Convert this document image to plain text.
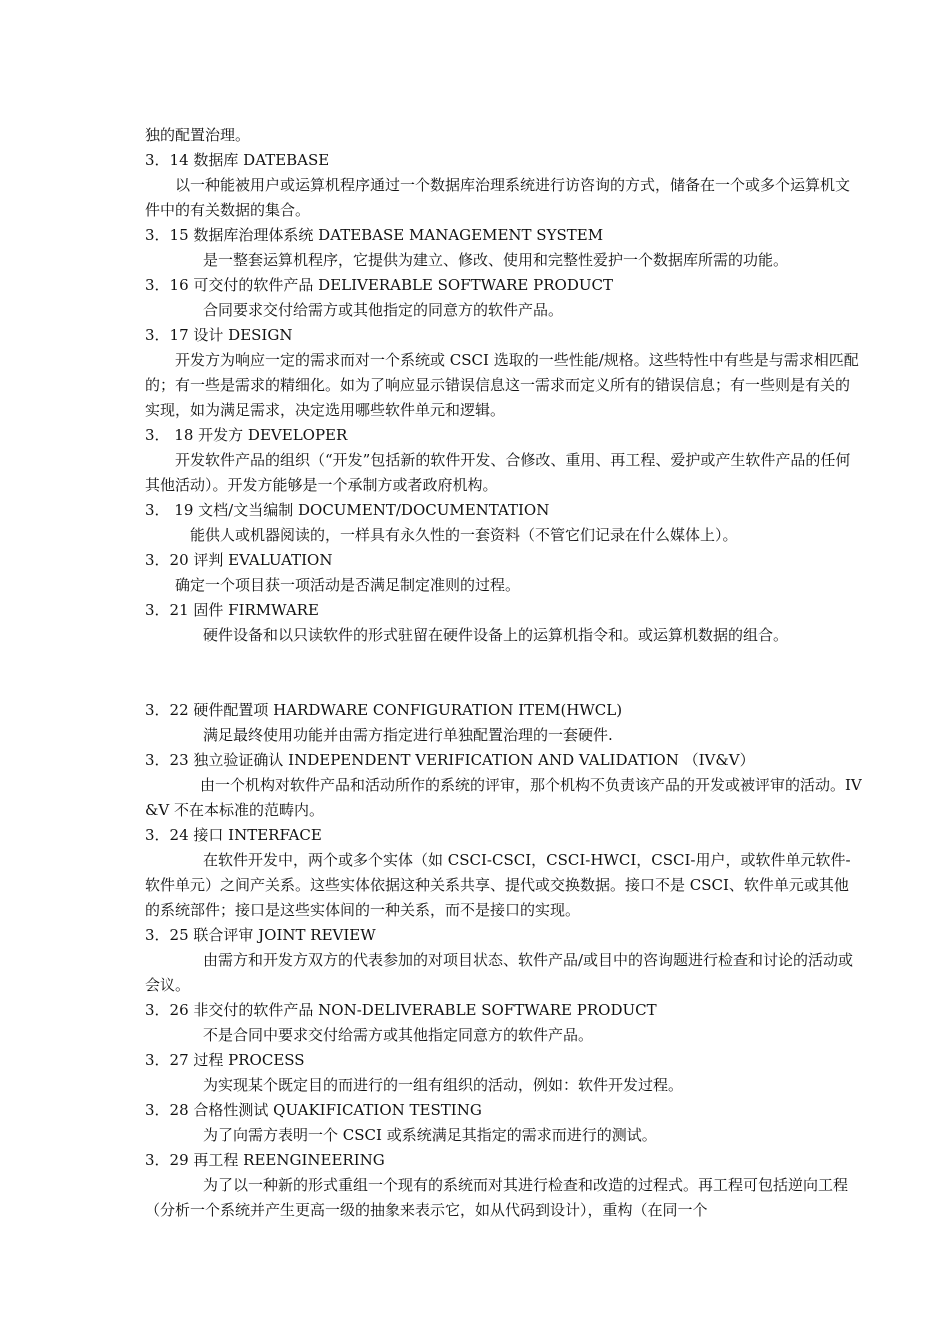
独的配置治理。
3．14 数据库 DATEBASE
以一种能被用户或运算机程序通过一个数据库治理系统进行访咨询的方式，储备在一个或多个运算机文件中的有关数据的集合。
3．15 数据库治理体系统 DATEBASE MANAGEMENT SYSTEM
是一整套运算机程序，它提供为建立、修改、使用和完整性爱护一个数据库所需的功能。
3．16 可交付的软件产品 DELIVERABLE SOFTWARE PRODUCT
合同要求交付给需方或其他指定的同意方的软件产品。
3．17 设计 DESIGN
开发方为响应一定的需求而对一个系统或 CSCI 选取的一些性能/规格。这些特性中有些是与需求相匹配的；有一些是需求的精细化。如为了响应显示错误信息这一需求而定义所有的错误信息；有一些则是有关的实现，如为满足需求，决定选用哪些软件单元和逻辑。
3． 18 开发方 DEVELOPER
开发软件产品的组织（“开发”包括新的软件开发、合修改、重用、再工程、爱护或产生软件产品的任何其他活动）。开发方能够是一个承制方或者政府机构。
3． 19 文档/文当编制 DOCUMENT/DOCUMENTATION
能供人或机器阅读的，一样具有永久性的一套资料（不管它们记录在什么媒体上）。
3．20 评判 EVALUATION
确定一个项目获一项活动是否满足制定准则的过程。
3．21 固件 FIRMWARE
硬件设备和以只读软件的形式驻留在硬件设备上的运算机指令和。或运算机数据的组合。
3．22 硬件配置项 HARDWARE CONFIGURATION ITEM(HWCL)
满足最终使用功能并由需方指定进行单独配置治理的一套硬件.
3．23 独立验证确认 INDEPENDENT VERIFICATION AND VALIDATION （IV&V）
由一个机构对软件产品和活动所作的系统的评审，那个机构不负责该产品的开发或被评审的活动。IV &V 不在本标准的范畴内。
3．24 接口 INTERFACE
在软件开发中，两个或多个实体（如 CSCI-CSCI，CSCI-HWCI，CSCI-用户，或软件单元软件-软件单元）之间产关系。这些实体依据这种关系共享、提代或交换数据。接口不是 CSCI、软件单元或其他的系统部件；接口是这些实体间的一种关系，而不是接口的实现。
3．25 联合评审 JOINT REVIEW
由需方和开发方双方的代表参加的对项目状态、软件产品/或目中的咨询题进行检查和讨论的活动或会议。
3．26 非交付的软件产品 NON-DELIVERABLE SOFTWARE PRODUCT
不是合同中要求交付给需方或其他指定同意方的软件产品。
3．27 过程 PROCESS
为实现某个既定目的而进行的一组有组织的活动，例如：软件开发过程。
3．28 合格性测试 QUAKIFICATION TESTING
为了向需方表明一个 CSCI 或系统满足其指定的需求而进行的测试。
3．29 再工程 REENGINEERING
为了以一种新的形式重组一个现有的系统而对其进行检查和改造的过程式。再工程可包括逆向工程（分析一个系统并产生更高一级的抽象来表示它，如从代码到设计），重构（在同一个
